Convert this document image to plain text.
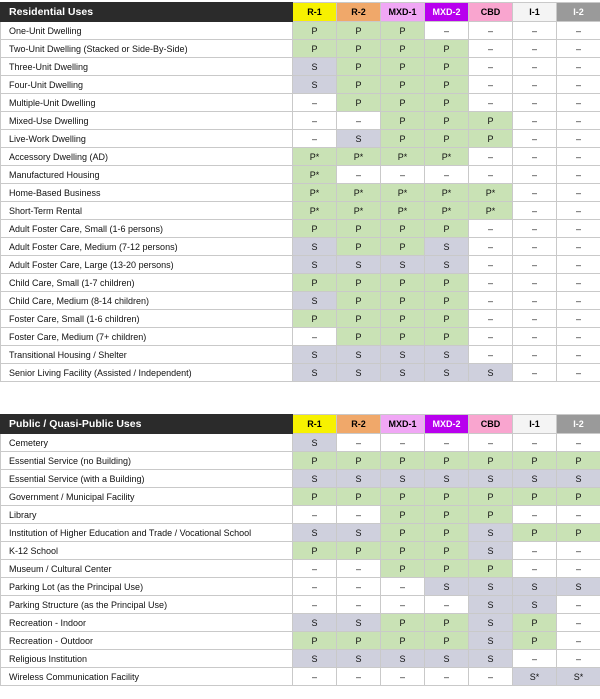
Residential Uses	R-1	R-2	MXD-1	MXD-2	CBD	I-1	I-2
One-Unit Dwelling	P	P	P	–	–	–	–
Two-Unit Dwelling (Stacked or Side-By-Side)	P	P	P	P	–	–	–
Three-Unit Dwelling	S	P	P	P	–	–	–
Four-Unit Dwelling	S	P	P	P	–	–	–
Multiple-Unit Dwelling	–	P	P	P	–	–	–
Mixed-Use Dwelling	–	–	P	P	P	–	–
Live-Work Dwelling	–	S	P	P	P	–	–
Accessory Dwelling (AD)	P*	P*	P*	P*	–	–	–
Manufactured Housing	P*	–	–	–	–	–	–
Home-Based Business	P*	P*	P*	P*	P*	–	–
Short-Term Rental	P*	P*	P*	P*	P*	–	–
Adult Foster Care, Small (1-6 persons)	P	P	P	P	–	–	–
Adult Foster Care, Medium (7-12 persons)	S	P	P	S	–	–	–
Adult Foster Care, Large (13-20 persons)	S	S	S	S	–	–	–
Child Care, Small (1-7 children)	P	P	P	P	–	–	–
Child Care, Medium (8-14 children)	S	P	P	P	–	–	–
Foster Care, Small (1-6 children)	P	P	P	P	–	–	–
Foster Care, Medium (7+ children)	–	P	P	P	–	–	–
Transitional Housing / Shelter	S	S	S	S	–	–	–
Senior Living Facility (Assisted / Independent)	S	S	S	S	S	–	–
Public / Quasi-Public Uses	R-1	R-2	MXD-1	MXD-2	CBD	I-1	I-2
Cemetery	S	–	–	–	–	–	–
Essential Service (no Building)	P	P	P	P	P	P	P
Essential Service (with a Building)	S	S	S	S	S	S	S
Government / Municipal Facility	P	P	P	P	P	P	P
Library	–	–	P	P	P	–	–
Institution of Higher Education and Trade / Vocational School	S	S	P	P	S	P	P
K-12 School	P	P	P	P	S	–	–
Museum / Cultural Center	–	–	P	P	P	–	–
Parking Lot (as the Principal Use)	–	–	–	S	S	S	S
Parking Structure (as the Principal Use)	–	–	–	–	S	S	–
Recreation - Indoor	S	S	P	P	S	P	–
Recreation - Outdoor	P	P	P	P	S	P	–
Religious Institution	S	S	S	S	S	–	–
Wireless Communication Facility	–	–	–	–	–	S*	S*
